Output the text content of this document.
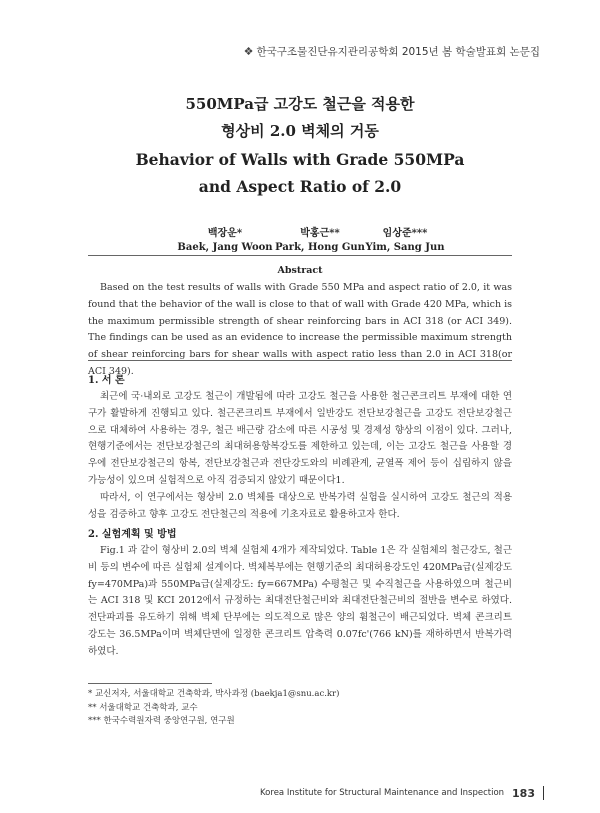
❖ 한국구조물진단유지관리공학회 2015년 봄 학술발표회 논문집
550MPa급 고강도 철근을 적용한
형상비 2.0 벽체의 거동
Behavior of Walls with Grade 550MPa
and Aspect Ratio of 2.0
백장운*
Baek, Jang Woon
박홍근**
Park, Hong Gun
임상준***
Yim, Sang Jun
Abstract

Based on the test results of walls with Grade 550 MPa and aspect ratio of 2.0, it was found that the behavior of the wall is close to that of wall with Grade 420 MPa, which is the maximum permissible strength of shear reinforcing bars in ACI 318 (or ACI 349). The findings can be used as an evidence to increase the permissible maximum strength of shear reinforcing bars for shear walls with aspect ratio less than 2.0 in ACI 318(or ACI 349).

1. 서 론

최근에 국·내외로 고강도 철근이 개발됨에 따라 고강도 철근을 사용한 철근콘크리트 부재에 대한 연구가 활발하게 진행되고 있다. 철근콘크리트 부재에서 일반강도 전단보강철근을 고강도 전단보강철근으로 대체하여 사용하는 경우, 철근 배근량 감소에 따른 시공성 및 경제성 향상의 이점이 있다. 그러나, 현행기준에서는 전단보강철근의 최대허용항복강도를 제한하고 있는데, 이는 고강도 철근을 사용할 경우에 전단보강철근의 항복, 전단보강철근과 전단강도와의 비례관계, 균열폭 제어 등이 십립하지 않을 가능성이 있으며 실험적으로 아직 검증되지 않았기 때문이다1.

따라서, 이 연구에서는 형상비 2.0 벽체를 대상으로 반복가력 실험을 실시하여 고강도 철근의 적용성을 검증하고 향후 고강도 전단철근의 적용에 기초자료로 활용하고자 한다.

2. 실험계획 및 방법

Fig.1 과 같이 형상비 2.0의 벽체 실험체 4개가 제작되었다. Table 1은 각 실험체의 철근강도, 철근비 등의 변수에 따른 실험체 설계이다. 벽체복부에는 현행기준의 최대허용강도인 420MPa급(실제강도 fy=470MPa)과 550MPa급(실제강도: fy=667MPa) 수평철근 및 수직철근을 사용하였으며 철근비는 ACI 318 및 KCI 2012에서 규정하는 최대전단철근비와 최대전단철근비의 절반을 변수로 하였다. 전단파괴를 유도하기 위해 벽체 단부에는 의도적으로 많은 양의 휨철근이 배근되었다. 벽체 콘크리트 강도는 36.5MPa이며 벽체단면에 일정한 콘크리트 압축력 0.07fc'(766 kN)를 재하하면서 반복가력 하였다.

* 교신저자, 서울대학교 건축학과, 박사과정 (baekja1@snu.ac.kr)
** 서울대학교 건축학과, 교수
*** 한국수력원자력 중앙연구원, 연구원
Korea Institute for Structural Maintenance and Inspection 183
